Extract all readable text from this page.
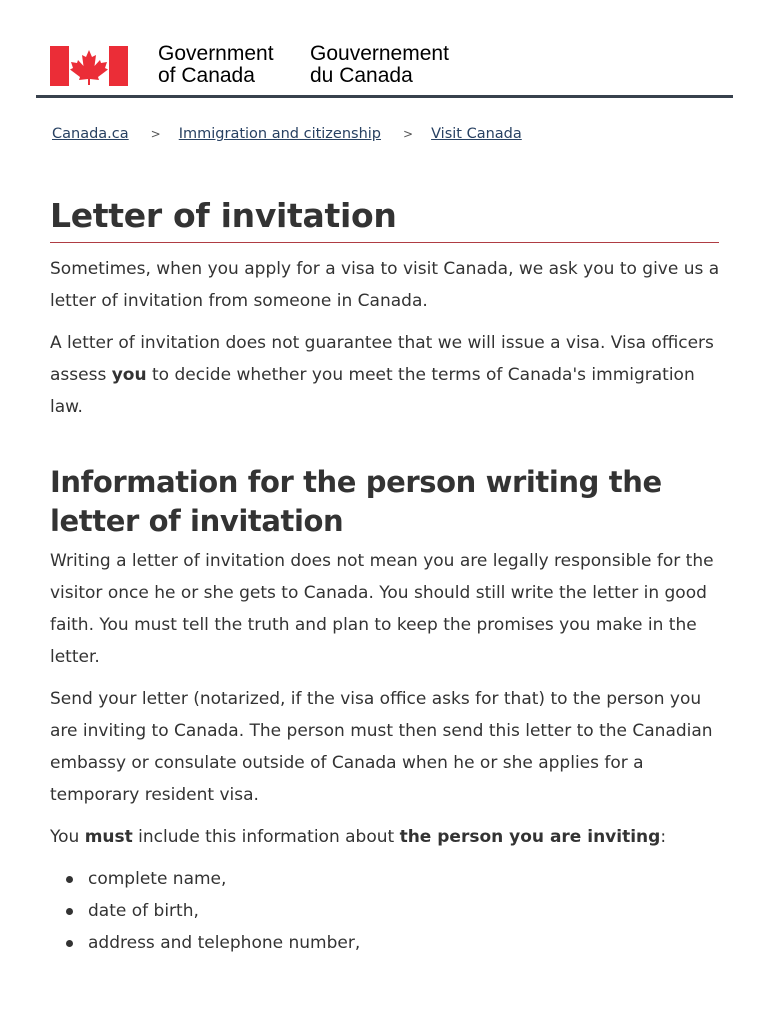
Government
of Canada
Gouvernement
du Canada
Canada.ca > Immigration and citizenship > Visit Canada
Letter of invitation

Sometimes, when you apply for a visa to visit Canada, we ask you to give us a letter of invitation from someone in Canada.

A letter of invitation does not guarantee that we will issue a visa. Visa officers assess you to decide whether you meet the terms of Canada's immigration law.

Information for the person writing the letter of invitation

Writing a letter of invitation does not mean you are legally responsible for the visitor once he or she gets to Canada. You should still write the letter in good faith. You must tell the truth and plan to keep the promises you make in the letter.

Send your letter (notarized, if the visa office asks for that) to the person you are inviting to Canada. The person must then send this letter to the Canadian embassy or consulate outside of Canada when he or she applies for a temporary resident visa.

You must include this information about the person you are inviting:

complete name,
date of birth,
address and telephone number,
